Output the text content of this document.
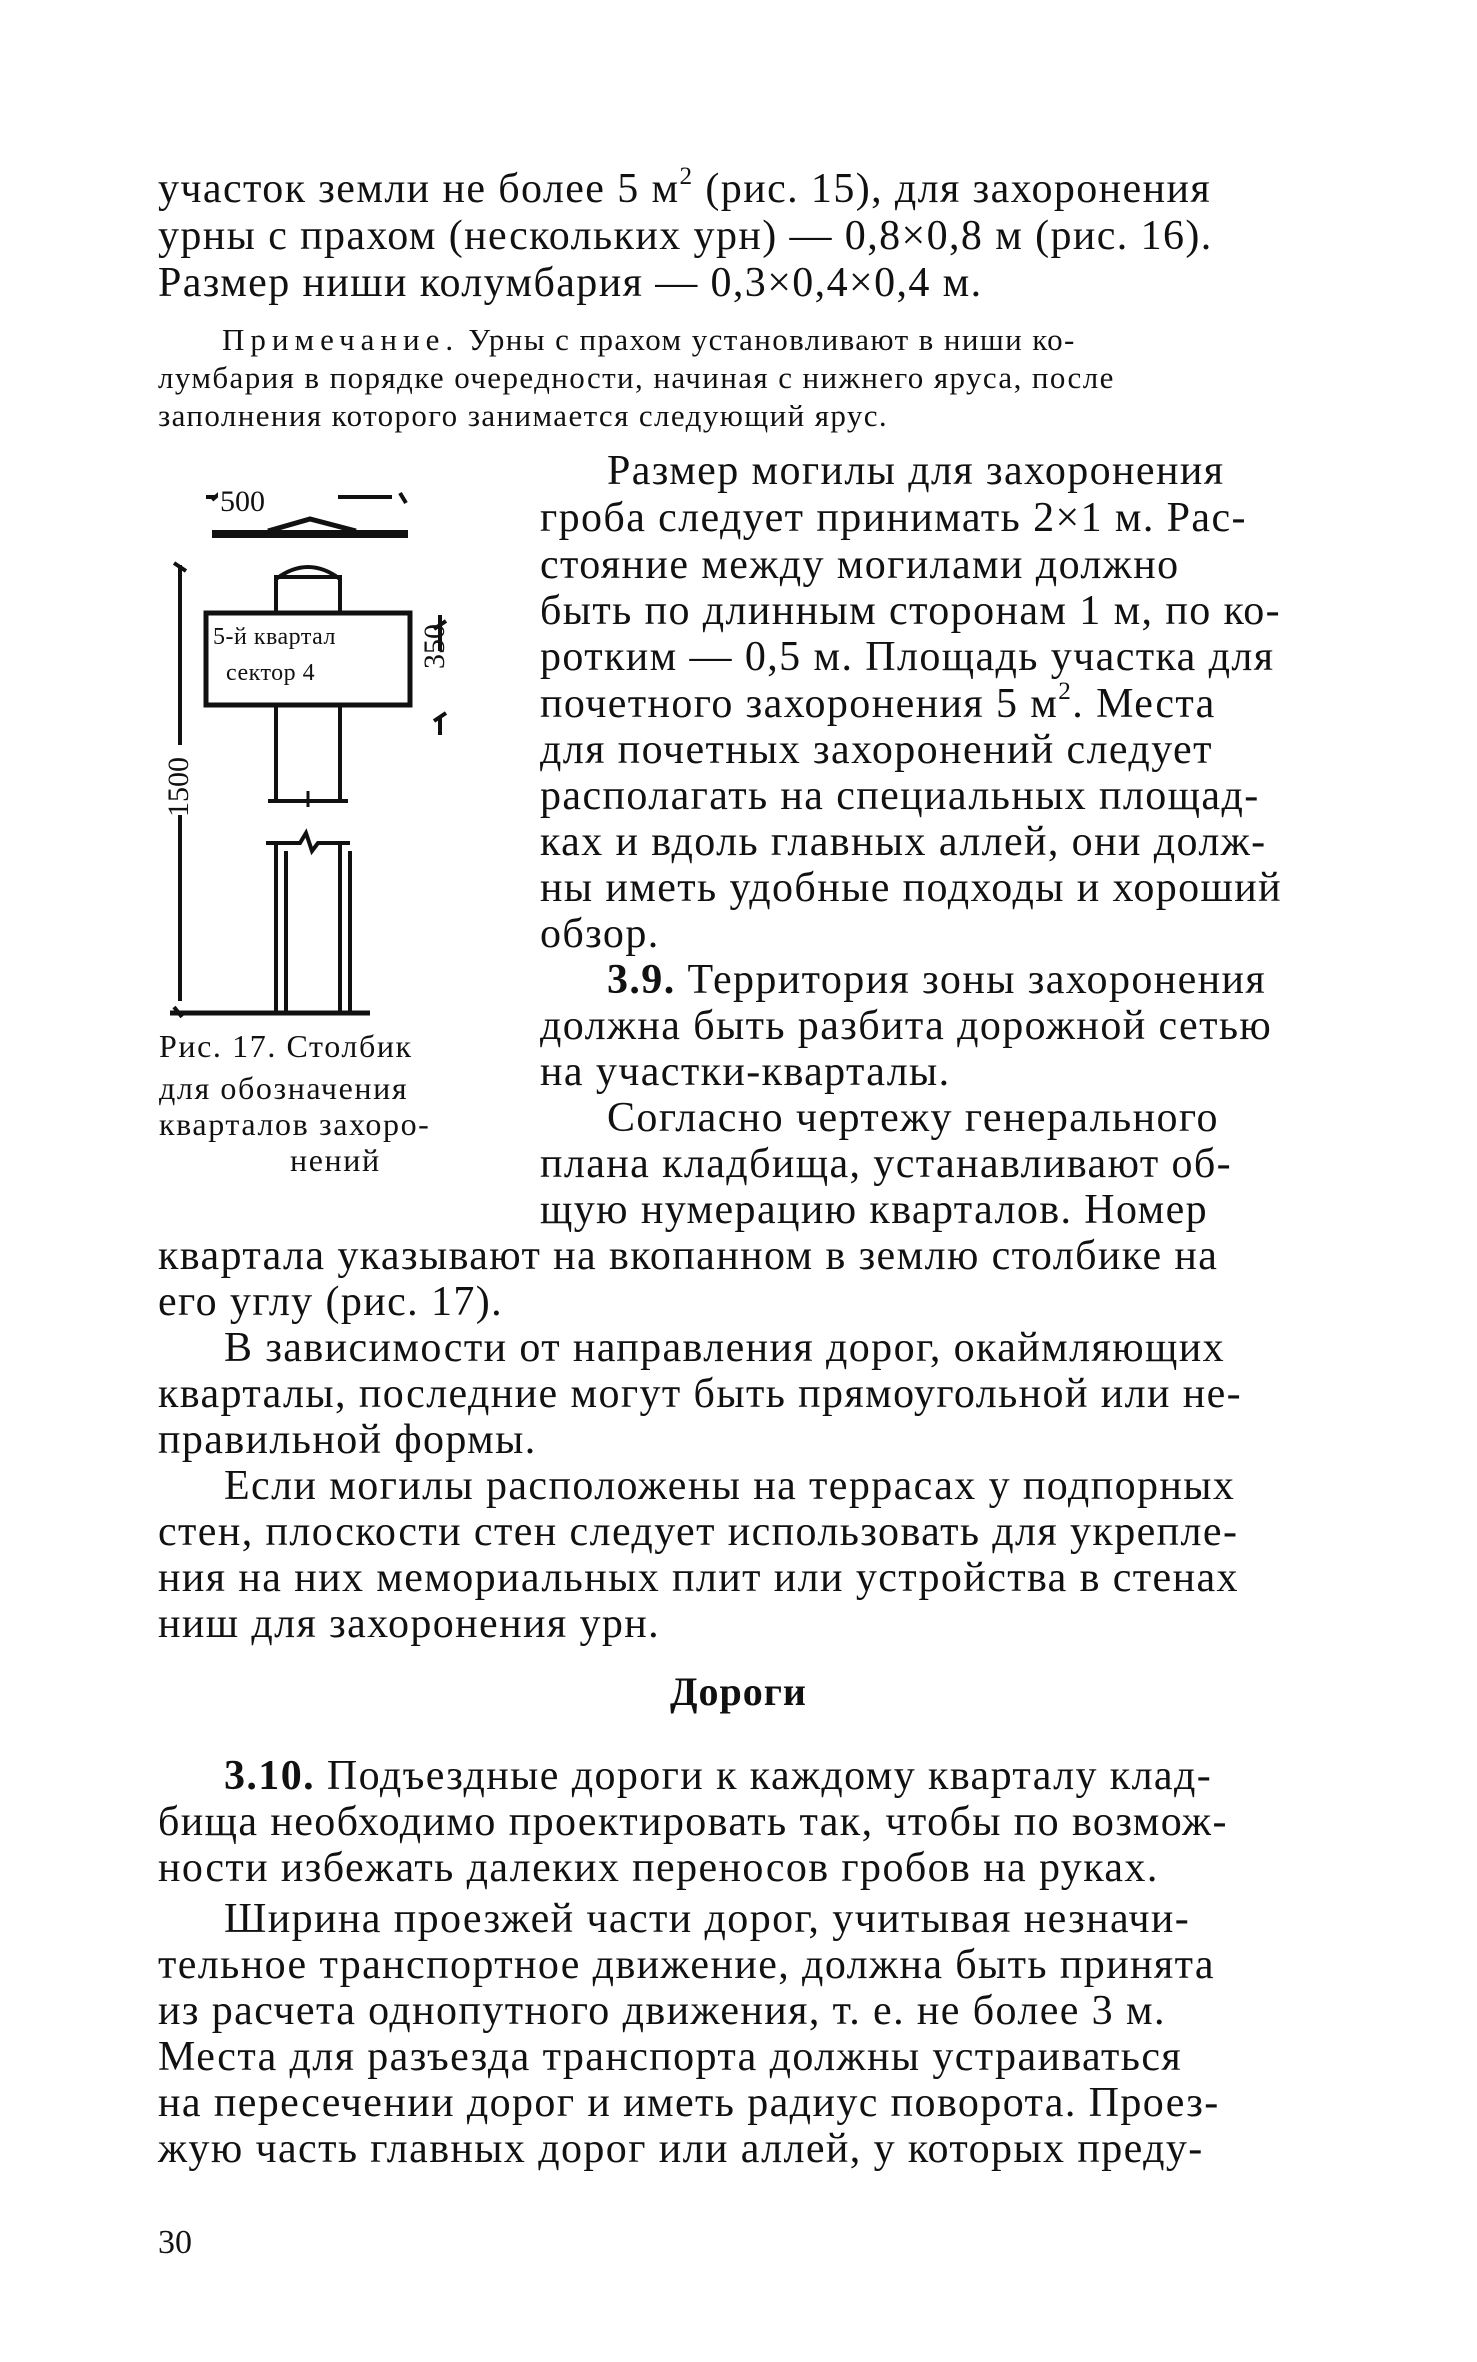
участок земли не более 5 $м^2$ (рис. 15), для захоронения
урны с прахом (нескольких урн) — 0,8×0,8 м (рис. 16).
Размер ниши колумбария — 0,3×0,4×0,4 м.
Примечание. Урны с прахом установливают в ниши ко-
лумбария в порядке очередности, начиная с нижнего яруса, после
заполнения которого занимается следующий ярус.
500
5-й квартал
сектор 4
350
1500
Рис. 17. Столбик
для обозначения
кварталов захоро-
нений
Размер могилы для захоронения
гроба следует принимать 2×1 м. Рас-
стояние между могилами должно
быть по длинным сторонам 1 м, по ко-
ротким — 0,5 м. Площадь участка для
почетного захоронения 5 $м^2$. Места
для почетных захоронений следует
располагать на специальных площад-
ках и вдоль главных аллей, они долж-
ны иметь удобные подходы и хороший
обзор.
3.9. Территория зоны захоронения
должна быть разбита дорожной сетью
на участки-кварталы.
Согласно чертежу генерального
плана кладбища, устанавливают об-
щую нумерацию кварталов. Номер
квартала указывают на вкопанном в землю столбике на
его углу (рис. 17).
В зависимости от направления дорог, окаймляющих
кварталы, последние могут быть прямоугольной или не-
правильной формы.
Если могилы расположены на террасах у подпорных
стен, плоскости стен следует использовать для укрепле-
ния на них мемориальных плит или устройства в стенах
ниш для захоронения урн.
Дороги
3.10. Подъездные дороги к каждому кварталу клад-
бища необходимо проектировать так, чтобы по возмож-
ности избежать далеких переносов гробов на руках.
Ширина проезжей части дорог, учитывая незначи-
тельное транспортное движение, должна быть принята
из расчета однопутного движения, т. е. не более 3 м.
Места для разъезда транспорта должны устраиваться
на пересечении дорог и иметь радиус поворота. Проез-
жую часть главных дорог или аллей, у которых преду-
30
